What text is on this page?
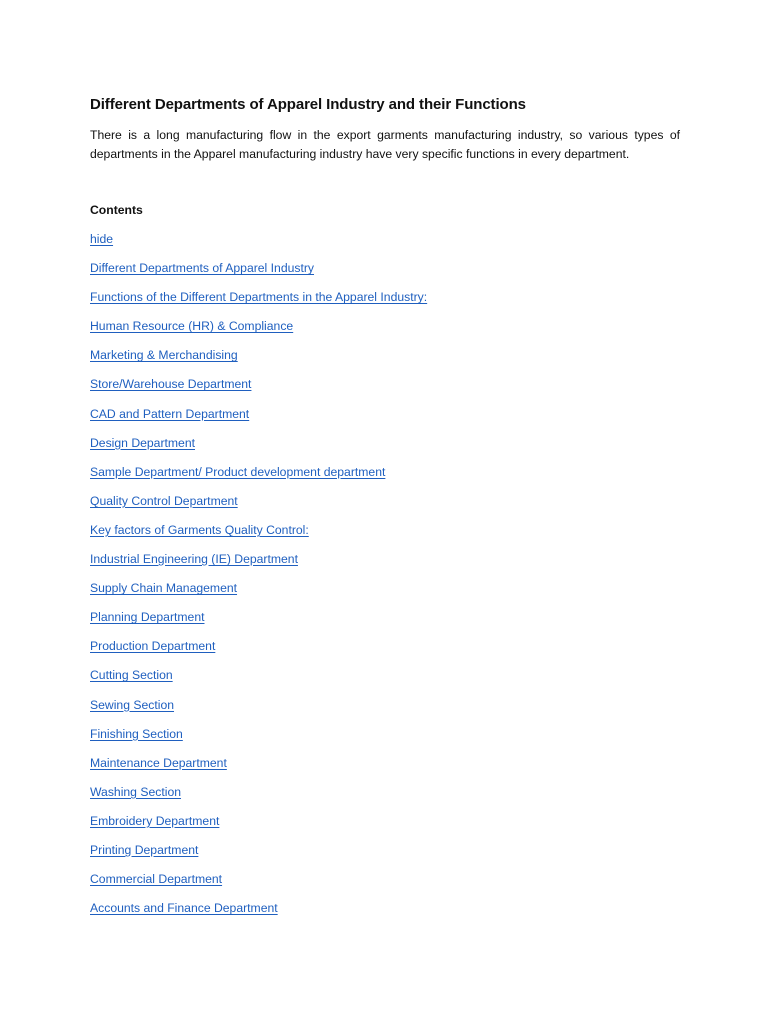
Different Departments of Apparel Industry and their Functions

There is a long manufacturing flow in the export garments manufacturing industry, so various types of departments in the Apparel manufacturing industry have very specific functions in every department.

Contents
hide
Different Departments of Apparel Industry
Functions of the Different Departments in the Apparel Industry:
Human Resource (HR) & Compliance
Marketing & Merchandising
Store/Warehouse Department
CAD and Pattern Department
Design Department
Sample Department/ Product development department
Quality Control Department
Key factors of Garments Quality Control:
Industrial Engineering (IE) Department
Supply Chain Management
Planning Department
Production Department
Cutting Section
Sewing Section
Finishing Section
Maintenance Department
Washing Section
Embroidery Department
Printing Department
Commercial Department
Accounts and Finance Department
